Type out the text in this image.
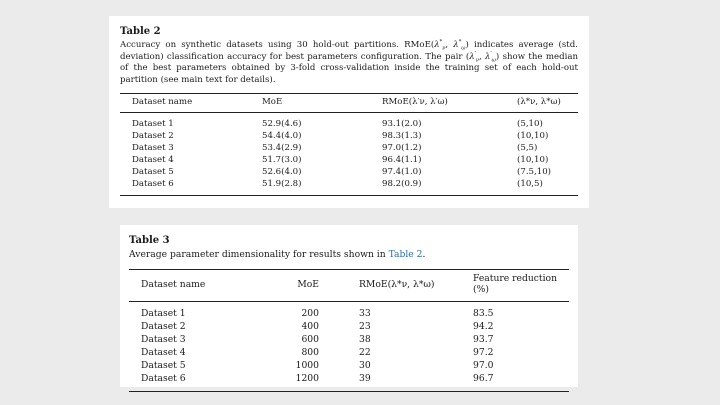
Table 2
Accuracy on synthetic datasets using 30 hold-out partitions. $RMoE(\lambda^*_\nu$, $\lambda^*_\omega$) indicates average (std. deviation) classification accuracy for best parameters configuration. The pair ($\lambda'_\nu$, $\lambda'_\omega$) show the median of the best parameters obtained by 3-fold cross-validation inside the training set of each hold-out partition (see main text for details).
Dataset name	MoE	RMoE(λ′ν, λ′ω)	(λ*ν, λ*ω)
Dataset 1	52.9(4.6)	93.1(2.0)	(5,10)
Dataset 2	54.4(4.0)	98.3(1.3)	(10,10)
Dataset 3	53.4(2.9)	97.0(1.2)	(5,5)
Dataset 4	51.7(3.0)	96.4(1.1)	(10,10)
Dataset 5	52.6(4.0)	97.4(1.0)	(7.5,10)
Dataset 6	51.9(2.8)	98.2(0.9)	(10,5)
Table 3
Average parameter dimensionality for results shown in Table 2.
Dataset name	MoE	RMoE(λ*ν, λ*ω)	Feature reduction (%)
Dataset 1	200	33	83.5
Dataset 2	400	23	94.2
Dataset 3	600	38	93.7
Dataset 4	800	22	97.2
Dataset 5	1000	30	97.0
Dataset 6	1200	39	96.7
